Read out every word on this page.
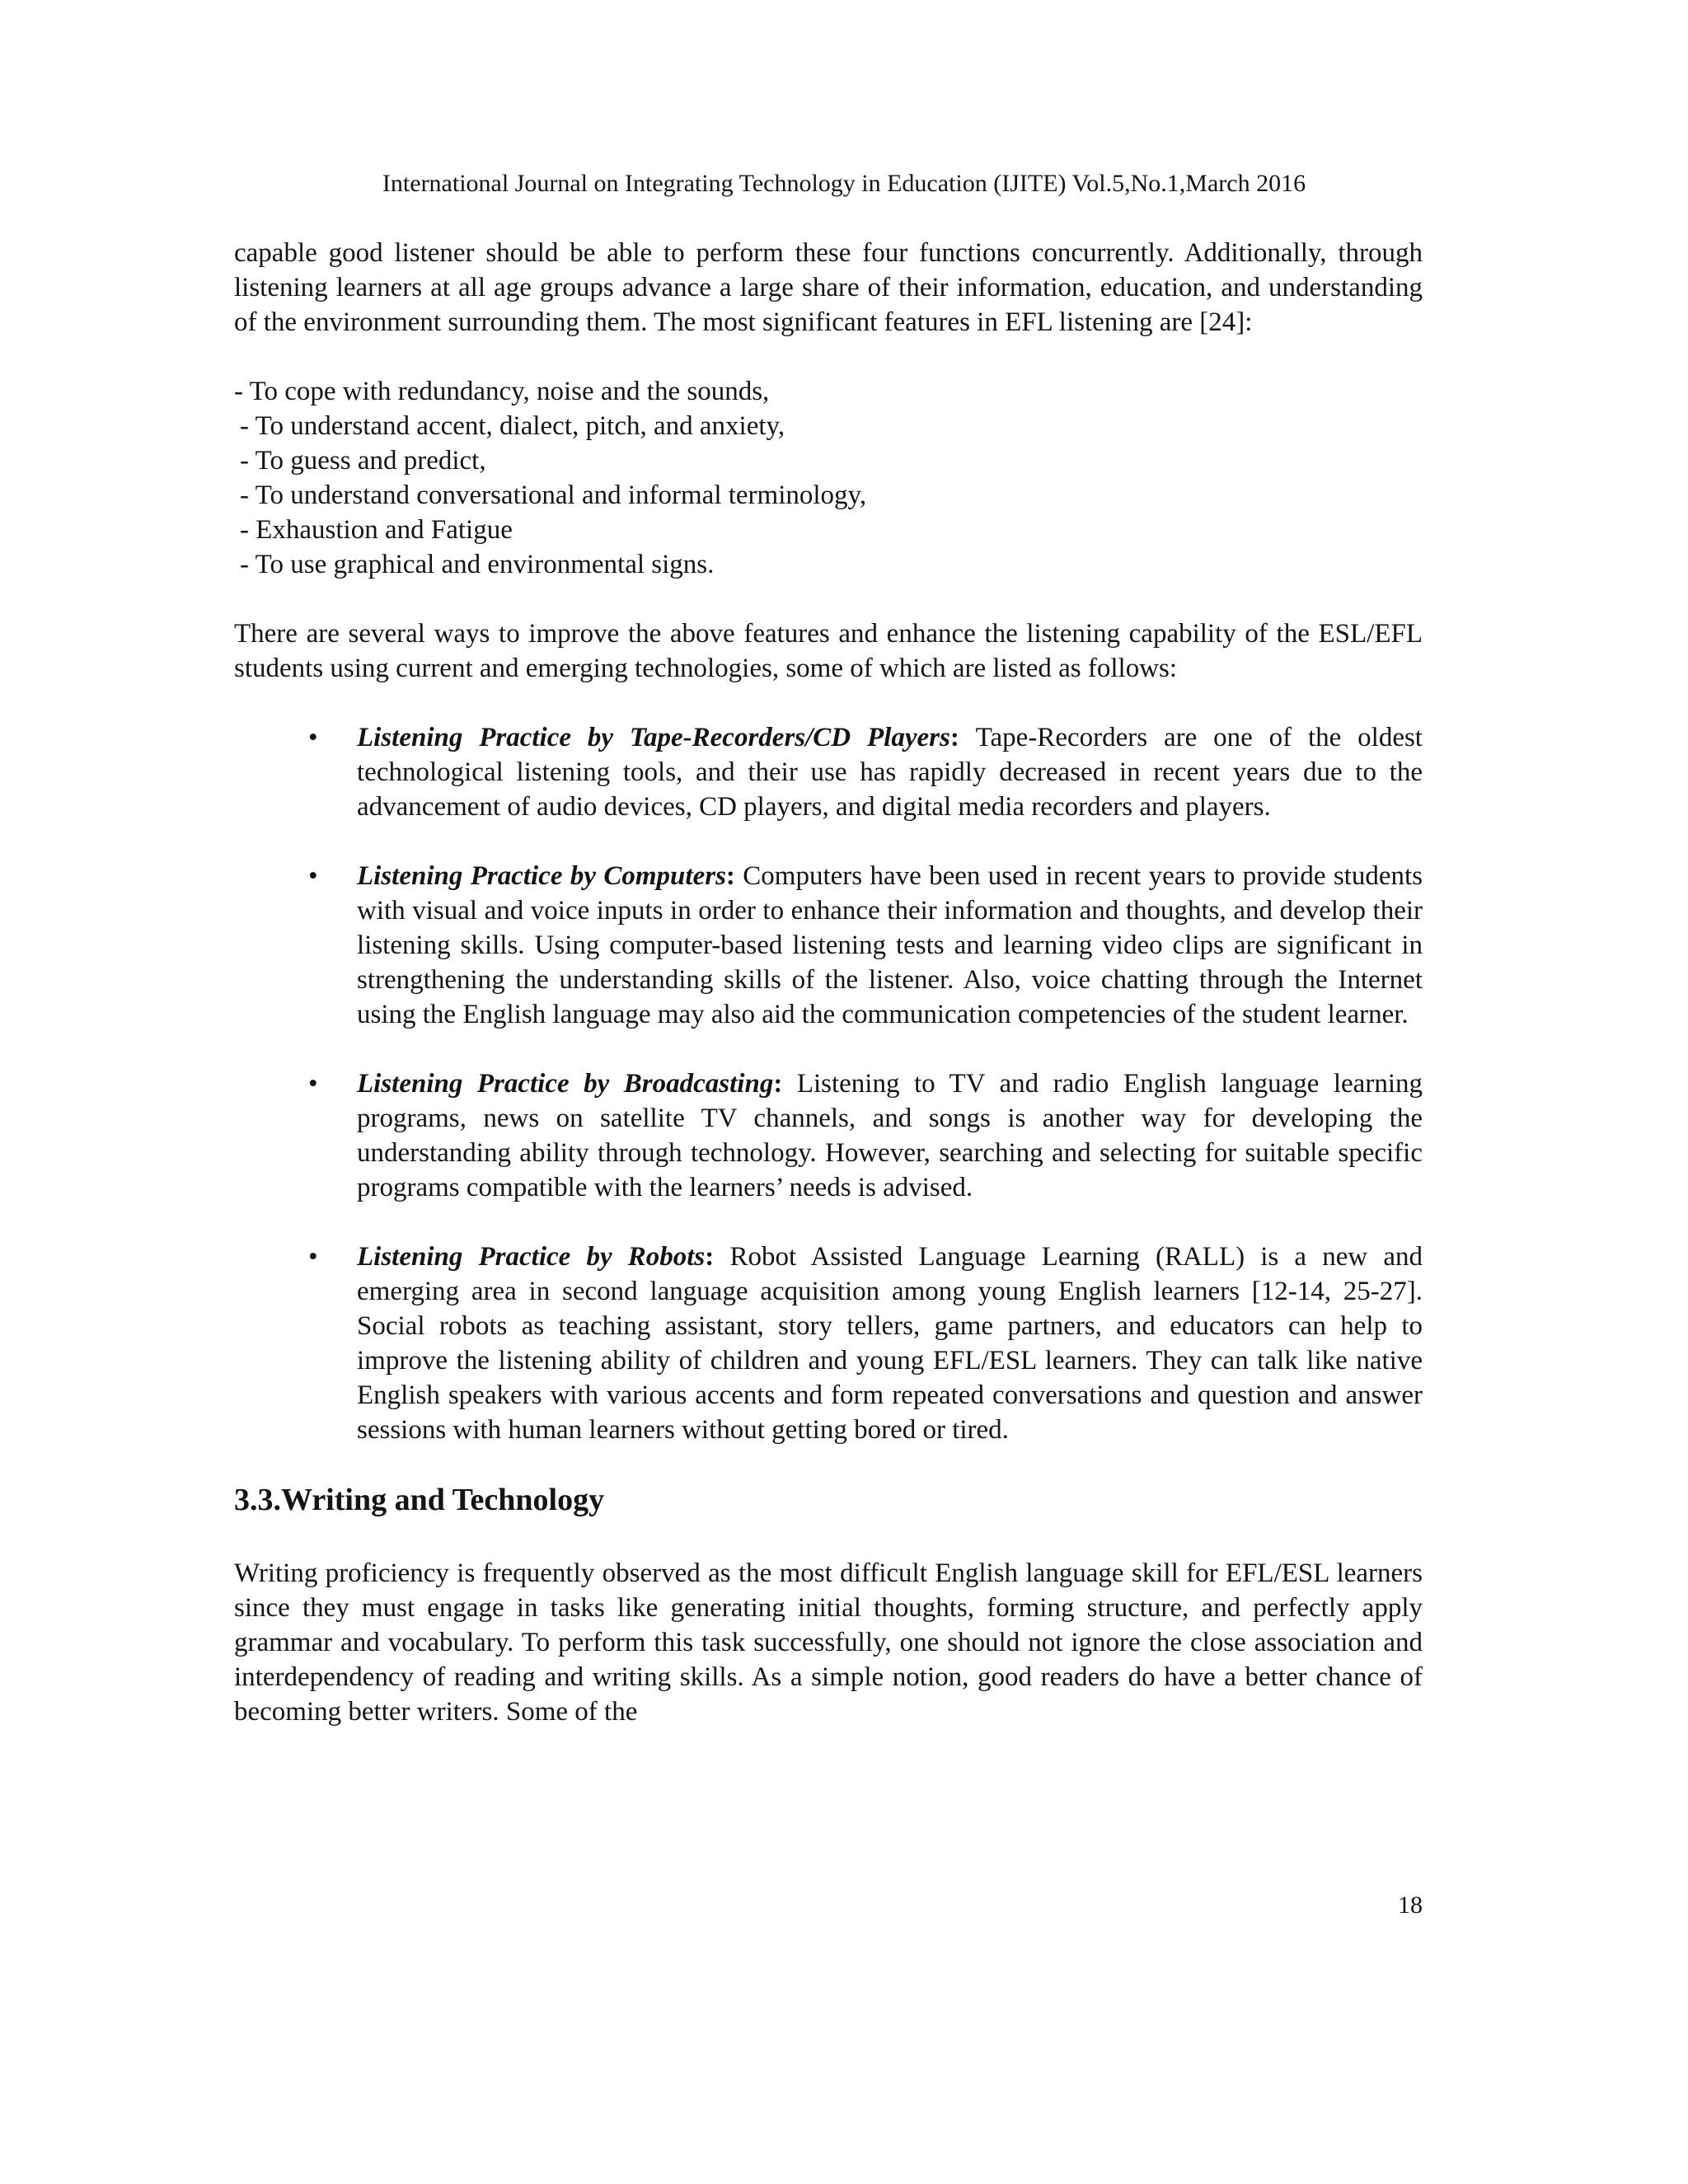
International Journal on Integrating Technology in Education (IJITE) Vol.5,No.1,March 2016

capable good listener should be able to perform these four functions concurrently. Additionally, through listening learners at all age groups advance a large share of their information, education, and understanding of the environment surrounding them. The most significant features in EFL listening are [24]:

- To cope with redundancy, noise and the sounds,
- To understand accent, dialect, pitch, and anxiety,
- To guess and predict,
- To understand conversational and informal terminology,
- Exhaustion and Fatigue
- To use graphical and environmental signs.

There are several ways to improve the above features and enhance the listening capability of the ESL/EFL students using current and emerging technologies, some of which are listed as follows:

• Listening Practice by Tape-Recorders/CD Players: Tape-Recorders are one of the oldest technological listening tools, and their use has rapidly decreased in recent years due to the advancement of audio devices, CD players, and digital media recorders and players.
• Listening Practice by Computers: Computers have been used in recent years to provide students with visual and voice inputs in order to enhance their information and thoughts, and develop their listening skills. Using computer-based listening tests and learning video clips are significant in strengthening the understanding skills of the listener. Also, voice chatting through the Internet using the English language may also aid the communication competencies of the student learner.
• Listening Practice by Broadcasting: Listening to TV and radio English language learning programs, news on satellite TV channels, and songs is another way for developing the understanding ability through technology. However, searching and selecting for suitable specific programs compatible with the learners’ needs is advised.
• Listening Practice by Robots: Robot Assisted Language Learning (RALL) is a new and emerging area in second language acquisition among young English learners [12-14, 25-27]. Social robots as teaching assistant, story tellers, game partners, and educators can help to improve the listening ability of children and young EFL/ESL learners. They can talk like native English speakers with various accents and form repeated conversations and question and answer sessions with human learners without getting bored or tired.
3.3.Writing and Technology

Writing proficiency is frequently observed as the most difficult English language skill for EFL/ESL learners since they must engage in tasks like generating initial thoughts, forming structure, and perfectly apply grammar and vocabulary. To perform this task successfully, one should not ignore the close association and interdependency of reading and writing skills. As a simple notion, good readers do have a better chance of becoming better writers. Some of the

18
